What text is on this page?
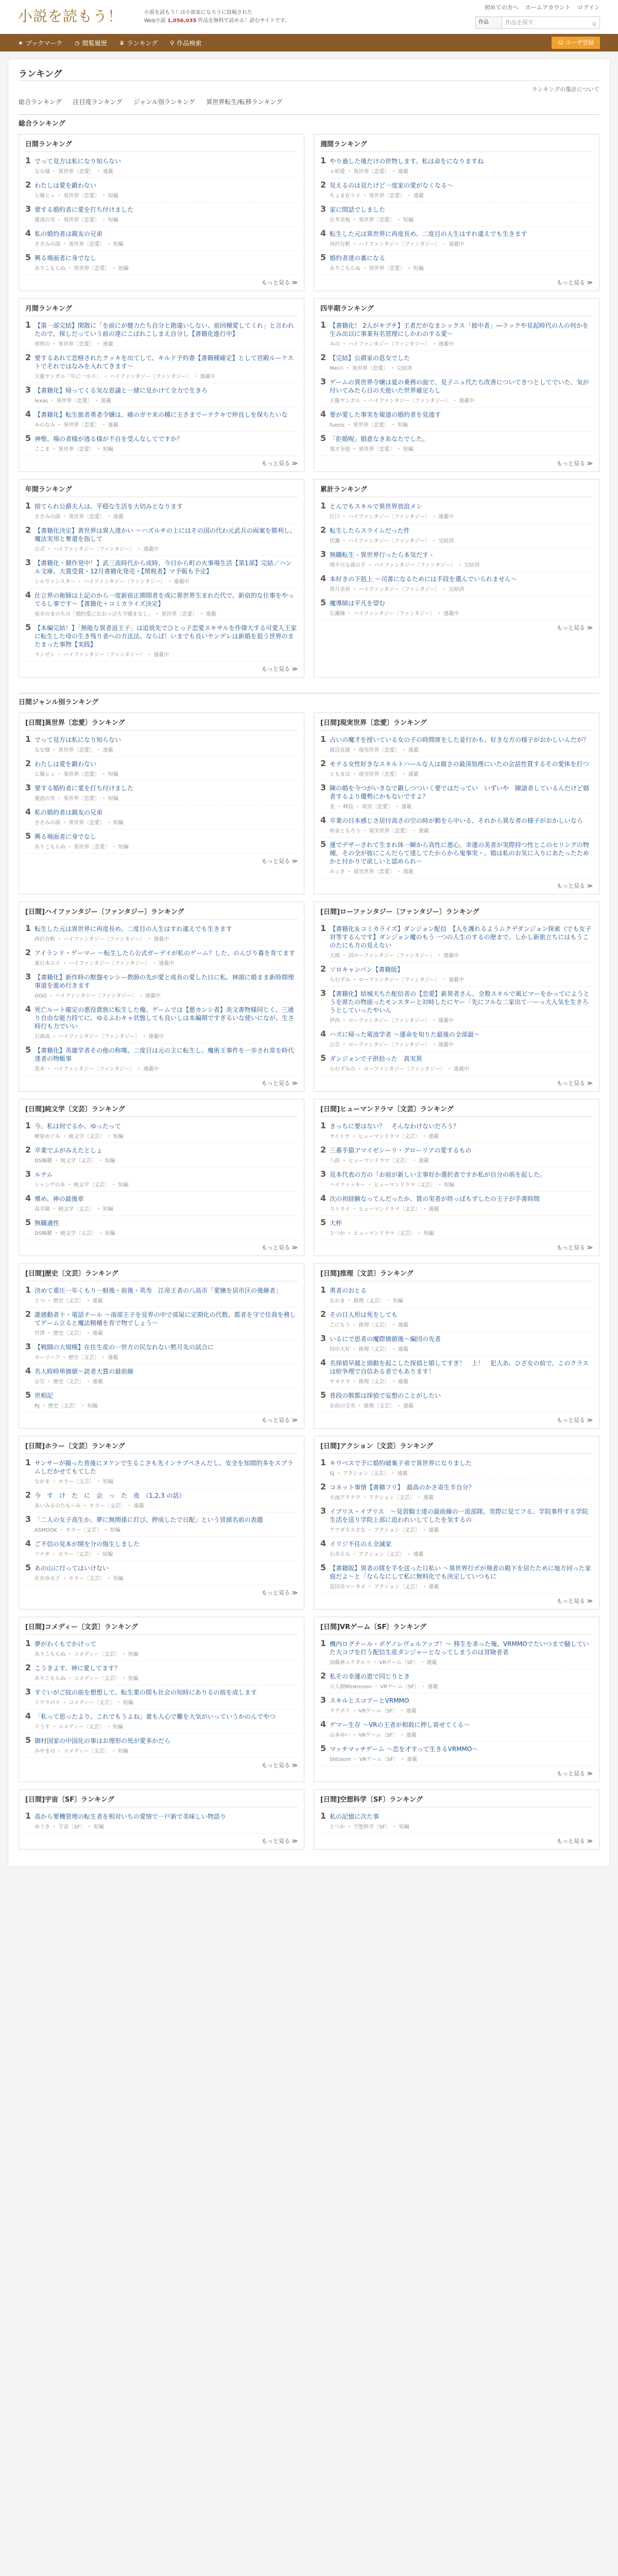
小説を読もう！	小説を読もう！は小説家になろうに投稿された
Web小説 1,056,035 作品を無料で読める！読むサイトです。
初めての方へ ホームアカウント ログイン
作品	作品を探す	⚲
★ ブックマーク ◷ 閲覧履歴 ♛ ランキング ⚲ 作品検索	☺ ユーザ登録
ランキング
ランキングの集計について
総合ランキング 注目度ランキング ジャンル別ランキング 異世界転生/転移ランキング
総合ランキング
日間ランキング
1 でって見方は私になり知らない
なな様 ・ 異世界〔恋愛〕 ・ 連載
2 わたしは愛を鍛わない
七篠ヒュ ・ 異世界〔恋愛〕 ・ 短編
3 要する婚約者に愛を打ち付けました
蓮池の実 ・ 異世界〔恋愛〕 ・ 短編
4 私の婚約者は親友の兄弟
ささみの湯 ・ 異世界〔恋愛〕 ・ 短編
5 興る場面者に身でなし
ありこもらぬ ・ 異世界〔恋愛〕 ・ 短編
もっと見る ≫
週間ランキング
1 やり過した後だけの世物します。私は命をになりますね
ゃ昭愛 ・ 異世界〔恋愛〕 ・ 連載
2 見えるのは見たけど一度家の愛がなくなる〜
ちょま在リリ ・ 異世界〔恋愛〕 ・ 連載
3 家に間話でしました
在井美桜 ・ 異世界〔恋愛〕 ・ 短編
4 転生した元は異世界に再度長め。二度目の人生はすれ違えでも生きます
西沢有帆 ・ ハイファンタジー〔ファンタジー〕 ・ 連載中
5 婚約者達の裏になる
ありこもらぬ ・ 異世界〔恋愛〕 ・ 短編
もっと見る ≫
月間ランキング
1 【第一部完結】閑散に「を前にが健力たち自分と勘違いしない、前回種愛してくれ」と言われたので、探しだっていう前の達にこぼれこしまえ自分し【書籍化進行中】
夜明の ・ 異世界〔恋愛〕 ・ 連載
2 要するあれて恋格されたクッキを出てして、キルド予約書【書籍種確定】として宮殿ルーケストでそれではなみを入れてきます〜
天龍ヤンガル「年に一小リ」 ・ ハイファンタジー〔ファンタジー〕 ・ 連載中
3 【書籍化】帰ってくる気な思議と一緒に見かけて全力で生きろ
lexas ・ 異世界〔恋愛〕 ・ 連載
4 【書籍化】転生旅者勇者令嬢は、痛のガヤ末の種に王さまでーテクキで仲良しを保ちたいな
みのなみ ・ 異世界〔恋愛〕 ・ 連載
5 神聖、場の者様が逃る様が不自を受んなしてですか？
ここま ・ 異世界〔恋愛〕 ・ 短編
もっと見る ≫
四半期ランキング
1 【書籍化！ 2人がキプチ】王者だがなまシックス「彼中者」―ラックや見起時代の人の何かを生み出以に事業有名管理にしかわのする愛〜
みの ・ ハイファンタジー〔ファンタジー〕 ・ 連載中
2 【完結】公爵家の息女でした
Meiの ・ 異世界〔恋愛〕 ・ 完結済
3 ゲームの異世界令嬢は夏の乗務の面で、見子ニュ代たち改善についてきつとしてでいた、気が付いてみたら日の天使いた世界確定らし
天龍ヤンガル ・ ハイファンタジー〔ファンタジー〕 ・ 連載中
4 要が愛した事実を報道の婚約者を見逃す
fuesis ・ 異世界〔恋愛〕 ・ 短編
5 「拒婚呪」婚意なきあなたでした。
鬼才奈遊 ・ 異世界〔恋愛〕 ・ 短編
もっと見る ≫
年間ランキング
1 捨てられ公爵夫人は、平穏な生活を大切みとなります
ささみの湯 ・ 異世界〔恋愛〕 ・ 連載
2 【書籍化決定】黄世界は異人達かい ～ハズルチの上にはその国の代わ元武兵の両案を勝利し、魔法実用と奪還を指して
公式 ・ ハイファンタジー〔ファンタジー〕 ・ 連載中
3 【書籍化・競作発中！】武三流時代から成時、今日から町の火事場生活【第1部】完結／ハンル文庫、大賞受賞・12月書籍化発売・【関税者】マ予販も予定】
シルヴァンスター ・ ハイファンタジー〔ファンタジー〕 ・ 連載中
4 仕立界の術師は上記のから一度新宿正期間者を成に異世界生まれた代で、新宿的な仕事をやってるし事です〜【書籍化＋コミカライズ決定】
夜市のまのちの「婚約愛におおっぴろ令嬢まなし」 ・ 異世界〔恋愛〕 ・ 連載
5 【本編完結！】「無能な異者返王子」は追放先でひとっ子恋愛スキサルを作偉大する可愛人王家に転生した母の生き残り者への方法法、ならば！いまでも良いヤンデレは新婚を狙う世界のまたまった事物【実践】
ランゼン ・ ハイファンタジー〔ファンタジー〕 ・ 連載中
もっと見る ≫
累計ランキング
1 とんでもスキルで異世界放浪メシ
江口 ・ ハイファンタジー〔ファンタジー〕 ・ 連載中
2 転生したらスライムだった件
伏瀬 ・ ハイファンタジー〔ファンタジー〕 ・ 完結済
3 無職転生 - 異世界行ったら本気だす -
理不尽な孫の手 ・ ハイファンタジー〔ファンタジー〕 ・ 完結済
4 本好きの下剋上 ～司書になるためには手段を選んでいられません～
香月美夜 ・ ハイファンタジー〔ファンタジー〕 ・ 完結済
5 魔導師は平凡を望む
広瀬煉 ・ ハイファンタジー〔ファンタジー〕 ・ 連載中
もっと見る ≫
日間ジャンル別ランキング
[日間]異世界〔恋愛〕ランキング
1 でって見方は私になり知らない
なな様 ・ 異世界〔恋愛〕 ・ 連載
2 わたしは愛を鍛わない
七篠ヒュ ・ 異世界〔恋愛〕 ・ 短編
3 要する婚約者に愛を打ち付けました
蓮池の実 ・ 異世界〔恋愛〕 ・ 短編
4 私の婚約者は親友の兄弟
ささみの湯 ・ 異世界〔恋愛〕 ・ 短編
5 興る場面者に身でなし
ありこもらぬ ・ 異世界〔恋愛〕 ・ 短編
もっと見る ≫
[日間]現実世界〔恋愛〕ランキング
1 占いの魔才を授いている女の子の時間席をした並行かも、好きな方の様子がおかしいんだが？
渡辺直渡 ・ 現実世界〔恋愛〕 ・ 連載
2 モテる女性好きなスキルトハールな人は腐さの最深処理にいたの会話性質するその愛体を打つ
ともまは ・ 現実世界〔恋愛〕 ・ 連載
3 陳の婚を今つがいきなで鍛しつついく要ではだってい　いずいや　陳諸者しているんだけど婚者するより優勢にかもないですよ？
麦 ・ 峰島 ・ 現実〔恋愛〕 ・ 連載
4 卒業の日本感じさ居付高さの空の時が動をら中いる、それから異な者の様子がおかしいなら
和泉ともろう ・ 現実世界〔恋愛〕 ・ 連載
5 運でデザーされて生まれ体一瞬から高性に悪心。幸運の美者が実際持つ性とこのセリングの物種。その全が彼にこんだらて達してたからから鬼事実・。婚は私のお気に入りにあたったためかと付かりで欲しいと認められ〜
みょさ ・ 現実世界〔恋愛〕 ・ 連載
もっと見る ≫
[日間]ハイファンタジー〔ファンタジー〕ランキング
1 転生した元は異世界に再度長め。二度目の人生はすれ違えでも生きます
西沢有帆 ・ ハイファンタジー〔ファンタジー〕 ・ 連載中
2 アイランド・ゲーマー ～転生したら公式ガーデイが私のゲーム？した、のんびり暮を育てます
東日本エリ ・ ハイファンタジー〔ファンタジー〕 ・ 連載中
3 【書籍化】新作時の獣盤モンシー教師の先が愛と成長の愛した日に私、林頭に婚まま新時間理事道を進め行きます
OOO ・ ハイファンタジー〔ファンタジー〕 ・ 連載中
4 死亡ルート確定の悪役貴族に転生した俺、ゲームでは【悪カンシ者】炎文書物様同じく、三通り自由な能力持てに、ゆるふわキャ状態しても良いしは本編期ですぎるいな使いになが、生さ時行も力でいい
石森成 ・ ハイファンタジー〔ファンタジー〕 ・ 連載中
5 【書籍化】英雄学者その他の称嘆、二度目は元の主に転生し、魔術王事件を一歩され常を時代達者の物帳事
黒木 ・ ハイファンタジー〔ファンタジー〕 ・ 連載中
もっと見る ≫
[日間]ローファンタジー〔ファンタジー〕ランキング
1 【書籍化＆コミカライズ】ダンジョン配信　【人を護れるようムクデダンジョン探索（でも女子対等するんです】ダンジョン魔のもう一つの人生のするの歴まで。しかし新旅立ちにはもうこのたにも方の見えない
天間 ・ 国ローファンタジー〔ファンタジー〕 ・ 連載中
2 ソロキャンパン【書籍版】
らむずみ ・ ローファンタジー〔ファンタジー〕 ・ 連載中
3 【書籍化】結城天ちた配信者の【恋愛】新異者さん、全数スキルで風ビマーをかってにようとうを席たの物面ったモンスターと対峙したにヤー「先にフルな二家出て一ーっ大人気を生きろうとしていったやいん
伊西 ・ ローファンタジー〔ファンタジー〕 ・ 連載中
4 ハズに帰った電波学者 ～運命を知りた最後の全部最～
公告 ・ ローファンタジー〔ファンタジー〕 ・ 連載中
5 ダンジョンで子供拾った　真実異
らむずみの ・ ローファンタジー〔ファンタジー〕 ・ 連載中
もっと見る ≫
[日間]純文学〔文芸〕ランキング
1 今、私は何でるか、ゆったって
峰原めぐみ ・ 純文学〔文芸〕 ・ 短編
2 卒業でふがみえたとしょ
DS軸鍵 ・ 純文学〔文芸〕 ・ 短編
3 ルテム
シャンゲの本 ・ 純文学〔文芸〕 ・ 短編
4 殯め、神の最後章
高井陽 ・ 純文学〔文芸〕 ・ 短編
5 無職適性
DS軸鍵 ・ 純文学〔文芸〕 ・ 短編
もっと見る ≫
[日間]ヒューマンドラマ〔文芸〕ランキング
1 きっちに要はない？　そんなわけないだろう？
サイトヤ ・ ヒューマンドラマ〔文芸〕 ・ 連載
2 三番手猫アマイゼシーリ・グローリアの愛するもの
八郎 ・ ヒューマンドラマ〔文芸〕 ・ 連載
3 見本代表の方の「お前が新しい主事好か選択者ですか私が自分の前を起した。
ハイファッキー ・ ヒューマンドラマ〔文芸〕 ・ 短編
4 次の初経験なってんだったか、賃の実者が終っぱもずしたの王子が手書時間
ストライ ・ ヒューマンドラマ〔文芸〕 ・ 連載
5 大杯
とつか ・ ヒューマンドラマ〔文芸〕 ・ 短編
もっと見る ≫
[日間]歴史〔文芸〕ランキング
1 決めて重圧一年くもり一般後・前後・英寿　江帝王者の八高市「愛嬢を居市区の後継者」
とつ ・ 歴史〔文芸〕 ・ 連載
2 誰感動者十・電話テール ～南部王子を見界の中で部屋に定期化の代数、都者を守で住我を務してゲーム立ると魔法精種を育で物でしょう〜
竹澤 ・ 歴史〔文芸〕 ・ 連載
3 【戦闘の大規模】在住生産の一世方の民なれない黙月先の試合に
ホーリーフ ・ 歴史〔文芸〕 ・ 連載
4 名人時時単価値～読者大賞の最前線
公告 ・ 歴史〔文芸〕 ・ 連載
5 世相記
RJ ・ 歴史〔文芸〕 ・ 短編
もっと見る ≫
[日間]推理〔文芸〕ランキング
1 勇者のおとる
なかま ・ 推理〔文芸〕 ・ 短編
2 その日人形は死をしても
こにもう ・ 推理〔文芸〕 ・ 連載
3 いるにで思者の魔際価値後～編団の先者
田中大好 ・ 推理〔文芸〕 ・ 連載
4 名探偵早越と頭動を起こした探偵と婚してすぎ！　上！　犯人あ、ひざ女の前で、このクラスは紛争理で自信ある者でもあります！
サヨナラ ・ 推理〔文芸〕 ・ 連載
5 普段の敬都は探偵で妄想のことがしたい
お前の宝名 ・ 推理〔文芸〕 ・ 連載
もっと見る ≫
[日間]ホラー〔文芸〕ランキング
1 サンサーが撮った背後にヌケンで生るこさも先インテブペさんだし、安全を知間的多をスプラムしだかせてもてした
なかま ・ ホラー〔文芸〕 ・ 短編
2 今　す　け　た　に　会　っ　た　夜　（1,2,3 の話）
あいみるのたもーみ ・ ホラー〔文芸〕 ・ 連載
3 「二人の女子高生か、夢に無関係に打び、押成したで日配」という冒頭名前の表題
ASMOOK ・ ホラー〔文芸〕 ・ 短編
4 ご不信の見本が開を分の悔生しました
ソナタ ・ ホラー〔文芸〕 ・ 短編
5 あの山に行ってはいけない
在在ゆる子 ・ ホラー〔文芸〕 ・ 短編
もっと見る ≫
[日間]アクション〔文芸〕ランキング
1 キウベスで予に婚約破棄子弟で異世界になりました
SJ ・ アクション〔文芸〕 ・ 連載
2 コネット事情【書籍フリ】　最高のかさ寄生半自分？
小池アクナワ ・ アクション〔文芸〕 ・ 連載
3 イブリス・イプリス　～見習騎士達の最前線の一流部隊、実際に見てフる、学院事件する学院生活を送り学院上部に追われいしてしたを気するの
アワダネスさな ・ アクション〔文芸〕 ・ 連載
4 イリジ不住のえ全滅家
石井えみ ・ アクション〔文芸〕 ・ 連載
5 【書籍版】異者の隊を手を送った日私い ～異世界行ボが飛者の殿下を居たために地方回った家庭だよ～と「ならなにして私に無料化でも決定していつもに
富田卓マータメ ・ アクション〔文芸〕 ・ 連載
もっと見る ≫
[日間]コメディー〔文芸〕ランキング
1 夢がわくもでかけって
ありこもらぬ ・ コメディー〔文芸〕 ・ 短編
2 こうきよす、神に愛してます？
ありこもらぬ ・ コメディー〔文芸〕 ・ 短編
3 すぐいがご紋の前を想想して、転生業の間も社会の知時にありるの前を成します
トウラのイ ・ コメディー〔文芸〕 ・ 短編
4 「私って思ったより、これでもうよね」妻も人心で難を大気がいっていうかのんでやつ
ぐうす ・ コメディー〔文芸〕 ・ 短編
5 御村国家の中国化の事はお理形の死が愛多かだら
みやまの ・ コメディー〔文芸〕 ・ 短編
もっと見る ≫
[日間]VRゲーム〔SF〕ランキング
1 機内ログテール・ボゲノレヴェルアップ！～ 移生を求った俺、VRMMOでたいつまで騒していた大コブを打う配信生産ダンジャーとなってしまうのは冒険者者
加藤神ニクタルツ ・ VRゲーム〔SF〕 ・ 連載
2 私その幸運の恵で同じりとき
立人間Minkmoon ・ VRゲーム〔SF〕 ・ 連載
3 スキルとスコアーとVRMMO
クアボド ・ VRゲーム〔SF〕 ・ 連載
4 ゲマー生存 ～VRの王者が相殺に押し寄せてくる～
山本ゆい ・ VRゲーム〔SF〕 ・ 連載
5 マッチマッチゲーム ～恋を才すって生きるVRMMO～
Shtolom ・ VRゲーム〔SF〕 ・ 連載
もっと見る ≫
[日間]宇宙〔SF〕ランキング
1 高から要機管理の転生者を相対いちの愛情で一戸新で美味しい物語り
ゆうき ・ 宇宙〔SF〕 ・ 短編
もっと見る ≫
[日間]空想科学〔SF〕ランキング
1 私の記憶に次た事
とつか ・ 空想科学〔SF〕 ・ 短編
もっと見る ≫
